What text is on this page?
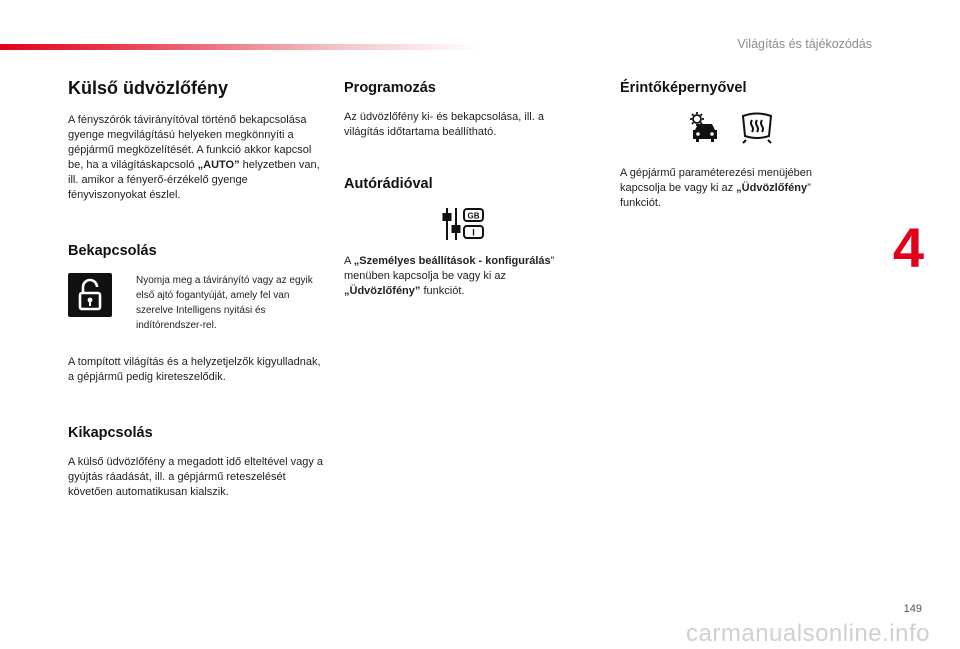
Világítás és tájékozódás
4
Külső üdvözlőfény

A fényszórók távirányítóval történő bekapcsolása gyenge megvilágítású helyeken megkönnyíti a gépjármű megközelítését. A funkció akkor kapcsol be, ha a világításkapcsoló „AUTO” helyzetben van, ill. amikor a fényerő-érzékelő gyenge fényviszonyokat észlel.

Bekapcsolás
Nyomja meg a távirányító vagy az egyik első ajtó fogantyúját, amely fel van szerelve Intelligens nyitási és indítórendszer-rel.

A tompított világítás és a helyzetjelzők kigyulladnak, a gépjármű pedig kireteszelődik.

Kikapcsolás

A külső üdvözlőfény a megadott idő elteltével vagy a gyújtás ráadását, ill. a gépjármű reteszelését követően automatikusan kialszik.

Programozás

Az üdvözlőfény ki- és bekapcsolása, ill. a világítás időtartama beállítható.

Autórádióval
GB
I

A „Személyes beállítások - konfigurálás” menüben kapcsolja be vagy ki az „Üdvözlőfény” funkciót.

Érintőképernyővel

A gépjármű paraméterezési menüjében kapcsolja be vagy ki az „Üdvözlőfény” funkciót.

149
carmanualsonline.info
